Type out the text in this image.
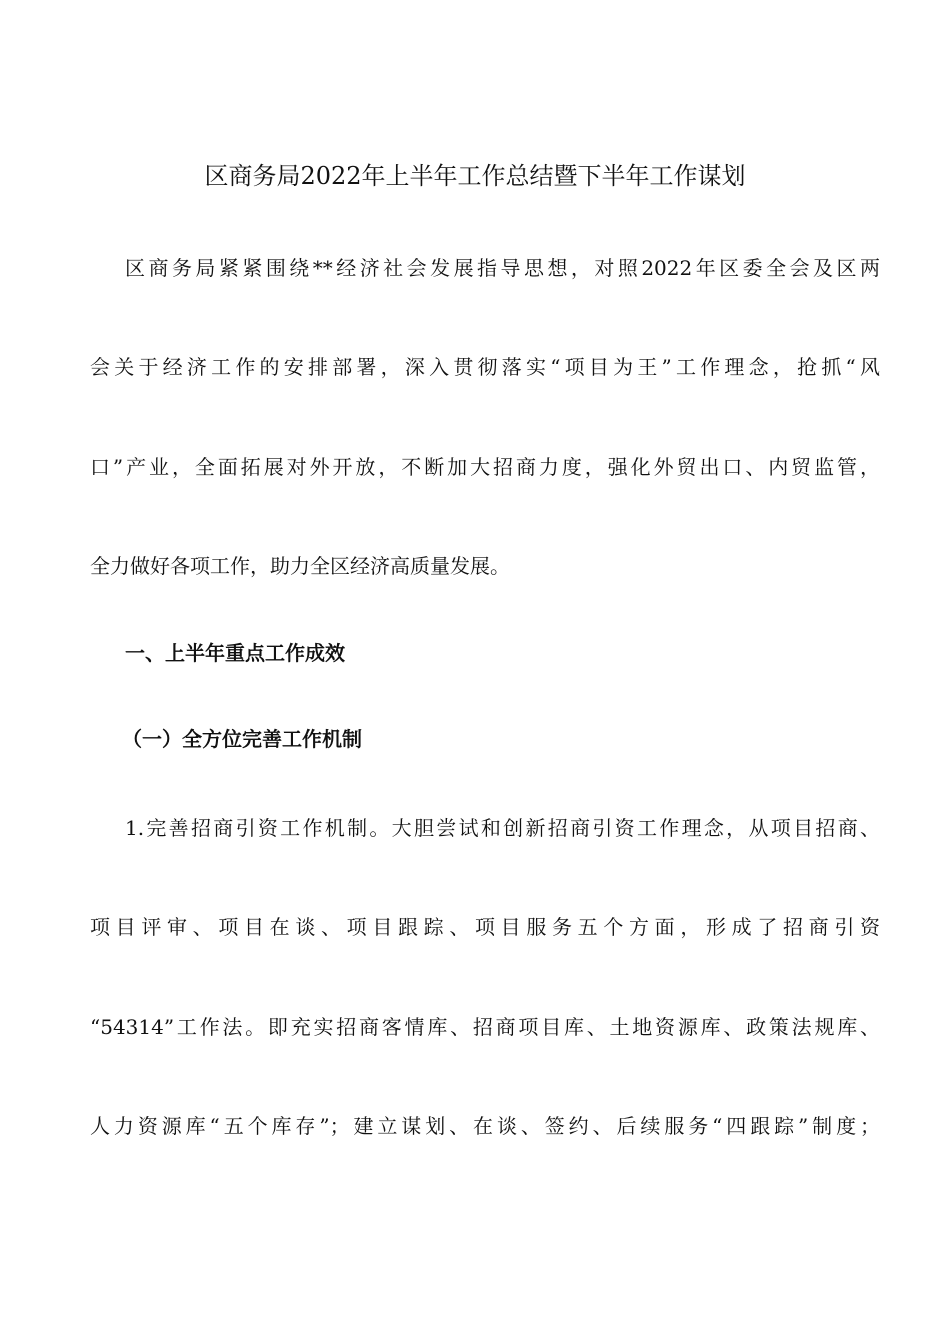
区商务局2022年上半年工作总结暨下半年工作谋划
区商务局紧紧围绕**经济社会发展指导思想，对照2022年区委全会及区两
会关于经济工作的安排部署，深入贯彻落实“项目为王”工作理念，抢抓“风
口”产业，全面拓展对外开放，不断加大招商力度，强化外贸出口、内贸监管，
全力做好各项工作，助力全区经济高质量发展。
一、上半年重点工作成效
（一）全方位完善工作机制
1.完善招商引资工作机制。大胆尝试和创新招商引资工作理念，从项目招商、
项目评审、项目在谈、项目跟踪、项目服务五个方面，形成了招商引资
“54314”工作法。即充实招商客情库、招商项目库、土地资源库、政策法规库、
人力资源库“五个库存”；建立谋划、在谈、签约、后续服务“四跟踪”制度；
